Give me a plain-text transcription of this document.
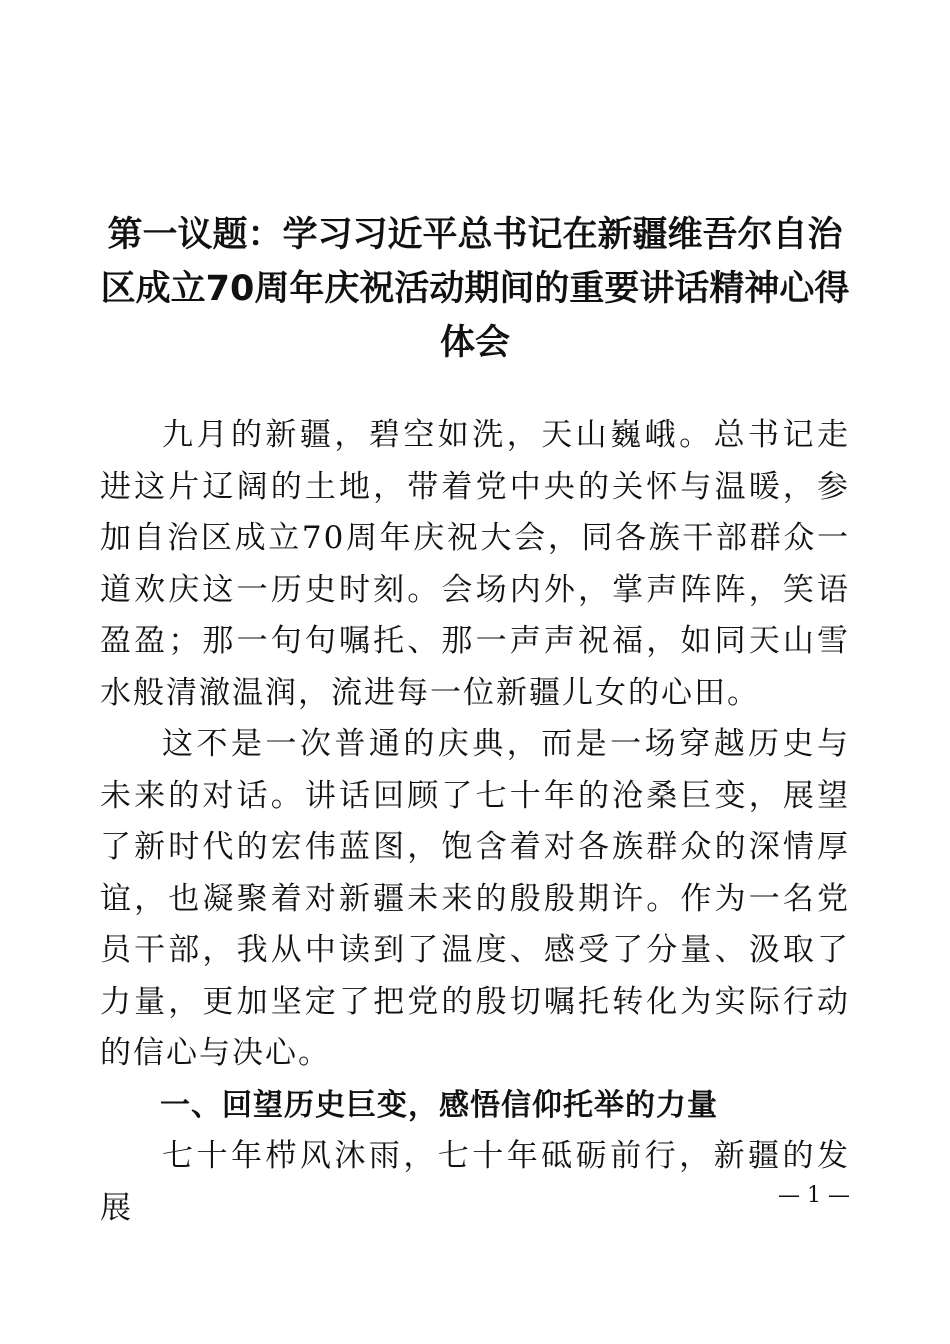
第一议题：学习习近平总书记在新疆维吾尔自治区成立70周年庆祝活动期间的重要讲话精神心得体会

九月的新疆，碧空如洗，天山巍峨。总书记走进这片辽阔的土地，带着党中央的关怀与温暖，参加自治区成立70周年庆祝大会，同各族干部群众一道欢庆这一历史时刻。会场内外，掌声阵阵，笑语盈盈；那一句句嘱托、那一声声祝福，如同天山雪水般清澈温润，流进每一位新疆儿女的心田。

这不是一次普通的庆典，而是一场穿越历史与未来的对话。讲话回顾了七十年的沧桑巨变，展望了新时代的宏伟蓝图，饱含着对各族群众的深情厚谊，也凝聚着对新疆未来的殷殷期许。作为一名党员干部，我从中读到了温度、感受了分量、汲取了力量，更加坚定了把党的殷切嘱托转化为实际行动的信心与决心。

一、回望历史巨变，感悟信仰托举的力量

七十年栉风沐雨，七十年砥砺前行，新疆的发展	— 1 —
